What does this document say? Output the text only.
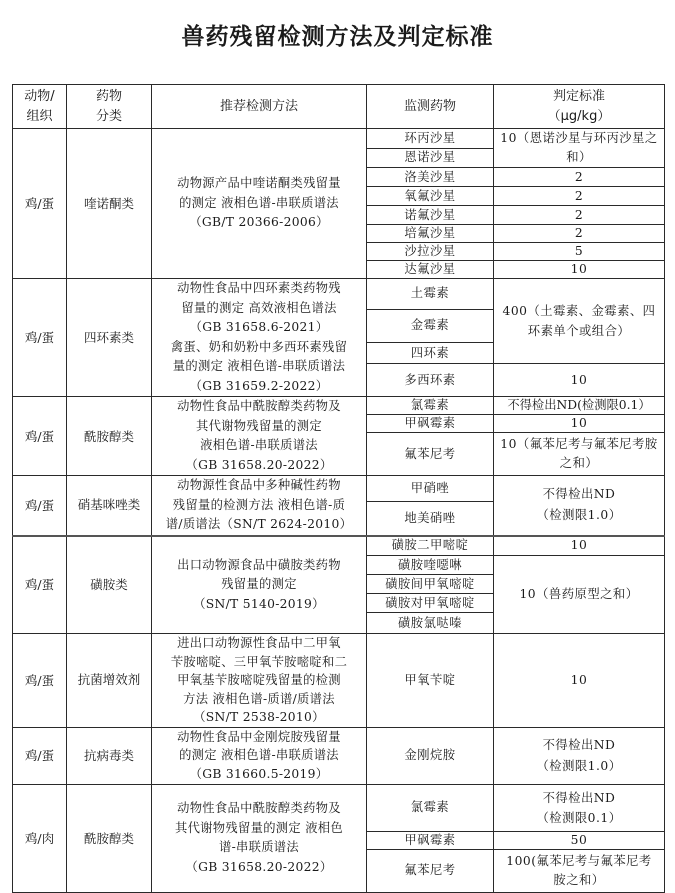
兽药残留检测方法及判定标准
动物/
组织	药物
分类	推荐检测方法	监测药物	判定标准
（μg/kg）
鸡/蛋	喹诺酮类	动物源产品中喹诺酮类残留量
的测定 液相色谱-串联质谱法
（GB/T 20366-2006）	环丙沙星	10（恩诺沙星与环丙沙星之和）
			恩诺沙星	
			洛美沙星	2
			氧氟沙星	2
			诺氟沙星	2
			培氟沙星	2
			沙拉沙星	5
			达氟沙星	10
鸡/蛋	四环素类	动物性食品中四环素类药物残
留量的测定 高效液相色谱法
（GB 31658.6-2021）
禽蛋、奶和奶粉中多西环素残留
量的测定 液相色谱-串联质谱法
（GB 31659.2-2022）	土霉素	400（土霉素、金霉素、四环素单个或组合）
			金霉素	
			四环素	
			多西环素	10
鸡/蛋	酰胺醇类	动物性食品中酰胺醇类药物及
其代谢物残留量的测定
液相色谱-串联质谱法
（GB 31658.20-2022）	氯霉素	不得检出ND(检测限0.1）
			甲砜霉素	10
			氟苯尼考	10（氟苯尼考与氟苯尼考胺之和）
鸡/蛋	硝基咪唑类	动物源性食品中多种碱性药物
残留量的检测方法 液相色谱-质
谱/质谱法（SN/T 2624-2010）	甲硝唑	不得检出ND（检测限1.0）
			地美硝唑	
鸡/蛋	磺胺类	出口动物源食品中磺胺类药物
残留量的测定
（SN/T 5140-2019）	磺胺二甲嘧啶	10
			磺胺喹噁啉	10（兽药原型之和）
			磺胺间甲氧嘧啶	
			磺胺对甲氧嘧啶	
			磺胺氯哒嗪	
鸡/蛋	抗菌增效剂	进出口动物源性食品中二甲氧
苄胺嘧啶、三甲氧苄胺嘧啶和二
甲氧基苄胺嘧啶残留量的检测
方法 液相色谱-质谱/质谱法
（SN/T 2538-2010）	甲氧苄啶	10
鸡/蛋	抗病毒类	动物性食品中金刚烷胺残留量
的测定 液相色谱-串联质谱法
（GB 31660.5-2019）	金刚烷胺	不得检出ND（检测限1.0）
鸡/肉	酰胺醇类	动物性食品中酰胺醇类药物及
其代谢物残留量的测定 液相色
谱-串联质谱法
（GB 31658.20-2022）	氯霉素	不得检出ND（检测限0.1）
			甲砜霉素	50
			氟苯尼考	100(氟苯尼考与氟苯尼考胺之和）
